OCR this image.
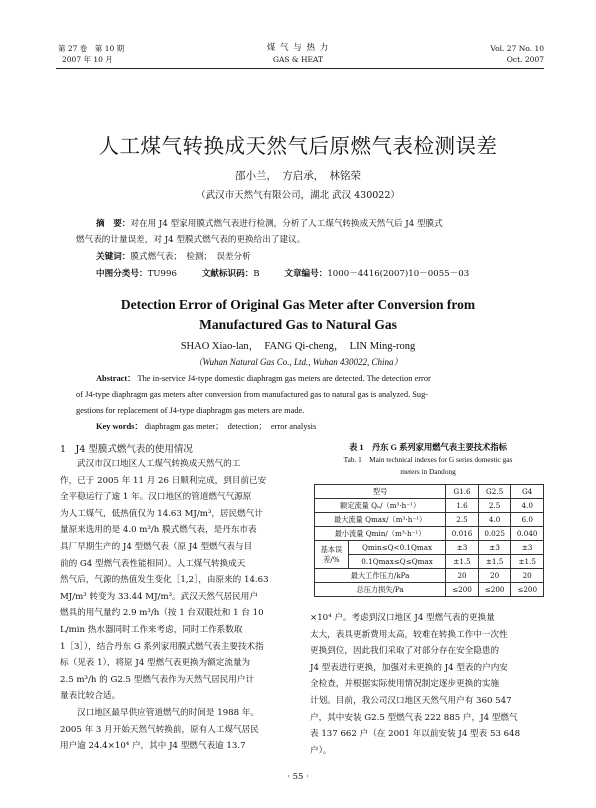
第 27 卷　第 10 期
2007 年 10 月
煤 气 与 热 力
GAS & HEAT
Vol. 27 No. 10
Oct. 2007
人工煤气转换成天然气后原燃气表检测误差
邵小兰，　方启承，　林铭荣
（武汉市天然气有限公司，湖北 武汉 430022）
摘　要：对在用 J4 型家用膜式燃气表进行检测，分析了人工煤气转换成天然气后 J4 型膜式
燃气表的计量误差，对 J4 型膜式燃气表的更换给出了建议。
关键词：膜式燃气表；　检测；　误差分析
中图分类号：TU996	文献标识码：B	文章编号：1000－4416(2007)10－0055－03
Detection Error of Original Gas Meter after Conversion from
Manufactured Gas to Natural Gas
SHAO Xiao-lan，　FANG Qi-cheng，　LIN Ming-rong
（Wuhan Natural Gas Co., Ltd., Wuhan 430022, China）
Abstract： The in-service J4-type domestic diaphragm gas meters are detected. The detection error
of J4-type diaphragm gas meters after conversion from manufactured gas to natural gas is analyzed. Sug-
gestions for replacement of J4-type diaphragm gas meters are made.
Key words： diaphragm gas meter；　detection；　error analysis
1　J4 型膜式燃气表的使用情况
武汉市汉口地区人工煤气转换成天然气的工
作，已于 2005 年 11 月 26 日顺利完成，到目前已安
全平稳运行了逾 1 年。汉口地区的管道燃气气源原
为人工煤气，低热值仅为 14.63 MJ/m³，居民燃气计
量原来选用的是 4.0 m³/h 膜式燃气表，是丹东市表
具厂早期生产的 J4 型燃气表（原 J4 型燃气表与目
前的 G4 型燃气表性能相同）。人工煤气转换成天
然气后，气源的热值发生变化［1,2］，由原来的 14.63
MJ/m³ 转变为 33.44 MJ/m³。武汉天然气居民用户
燃具的用气量约 2.9 m³/h（按 1 台双眼灶和 1 台 10
L/min 热水器同时工作来考虑，同时工作系数取
1［3］），结合丹东 G 系列家用膜式燃气表主要技术指
标（见表 1），将原 J4 型燃气表更换为额定流量为
2.5 m³/h 的 G2.5 型燃气表作为天然气居民用户计
量表比较合适。
汉口地区最早供应管道燃气的时间是 1988 年。
2005 年 3 月开始天然气转换前，原有人工煤气居民
用户逾 24.4×10⁴ 户，其中 J4 型燃气表逾 13.7
表 1　丹东 G 系列家用燃气表主要技术指标
Tab. 1　Main technical indexes for G series domestic gas
meters in Dandong
型号		G1.6	G2.5	G4
额定流量 Qₙ/（m³·h⁻¹）		1.6	2.5	4.0
最大流量 Qmax/（m³·h⁻¹）		2.5	4.0	6.0
最小流量 Qmin/（m³·h⁻¹）		0.016	0.025	0.040

基本误
差/%	Qmin≤Q<0.1Qmax	±3	±3	±3
	0.1Qmax≤Q≤Qmax	±1.5	±1.5	±1.5
最大工作压力/kPa		20	20	20
总压力损失/Pa		≤200	≤200	≤200
×10⁴ 户。考虑到汉口地区 J4 型燃气表的更换量
太大，表具更新费用太高，较难在转换工作中一次性
更换到位，因此我们采取了对部分存在安全隐患的
J4 型表进行更换，加强对未更换的 J4 型表的户内安
全检查，并根据实际使用情况制定逐步更换的实施
计划。目前，我公司汉口地区天然气用户有 360 547
户，其中安装 G2.5 型燃气表 222 885 户，J4 型燃气
表 137 662 户（在 2001 年以前安装 J4 型表 53 648
户）。
· 55 ·
